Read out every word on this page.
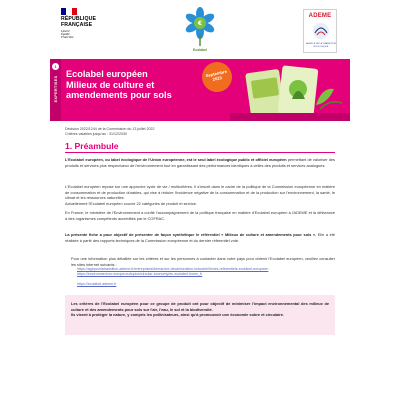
RÉPUBLIQUE
FRANÇAISE
Liberté
Égalité
Fraternité
€
Ecolabel
ADEME
AGENCE DE LA TRANSITION ÉCOLOGIQUE
1
EXPERTISES
Ecolabel européen
Milieux de culture et
amendements pour sols
Septembre
2023
Décision 2022/1244 de la Commission du 13 juillet 2022
Critères valables jusqu'au : 31/12/2030
1. Préambule
L'Ecolabel européen, ou label écologique de l'Union européenne, est le seul label écologique public et officiel européen permettant de valoriser des produits et services plus respectueux de l'environnement tout en garantissant des performances identiques à celles des produits et services analogues.
L'Ecolabel européen repose sur une approche cycle de vie / multicritères. Il s'inscrit dans le cadre de la politique de la Commission européenne en matière de consommation et de production durables, qui vise à réduire l'incidence négative de la consommation et de la production sur l'environnement, la santé, le climat et les ressources naturelles.
Actuellement l'Ecolabel européen couvre 22 catégories de produit et service.
En France, le ministère de l'Environnement a confié l'accompagnement de la politique française en matière d'Ecolabel européen à l'ADEME et la délivrance à des organismes compétents accrédités par le COFRAC.
La présente fiche a pour objectif de présenter de façon synthétique le référentiel « Milieux de culture et amendements pour sols ». Elle a été réalisée à partir des rapports techniques de la Commission européenne et du dernier référentiel voté.
Pour une information plus détaillée sur les critères et sur les personnes à contacter dans votre pays pour obtenir l'Ecolabel européen, veuillez consulter les sites internet suivants :
https://agirpourlatransition.ademe.fr/entreprises/demarche-decarbonation-industrie/fiches-referentiels-ecolabel-europeen
https://environment.ec.europa.eu/topics/circular-economy/eu-ecolabel-home_fr
https://ecolabel.ademe.fr
Les critères de l'Ecolabel européen pour ce groupe de produit ont pour objectif de minimiser l'impact environnemental des milieux de culture et des amendements pour sols sur l'air, l'eau, le sol et la biodiversité.
Ils visent à protéger la nature, y compris les pollinisateurs, ainsi qu'à promouvoir une économie sobre et circulaire.
